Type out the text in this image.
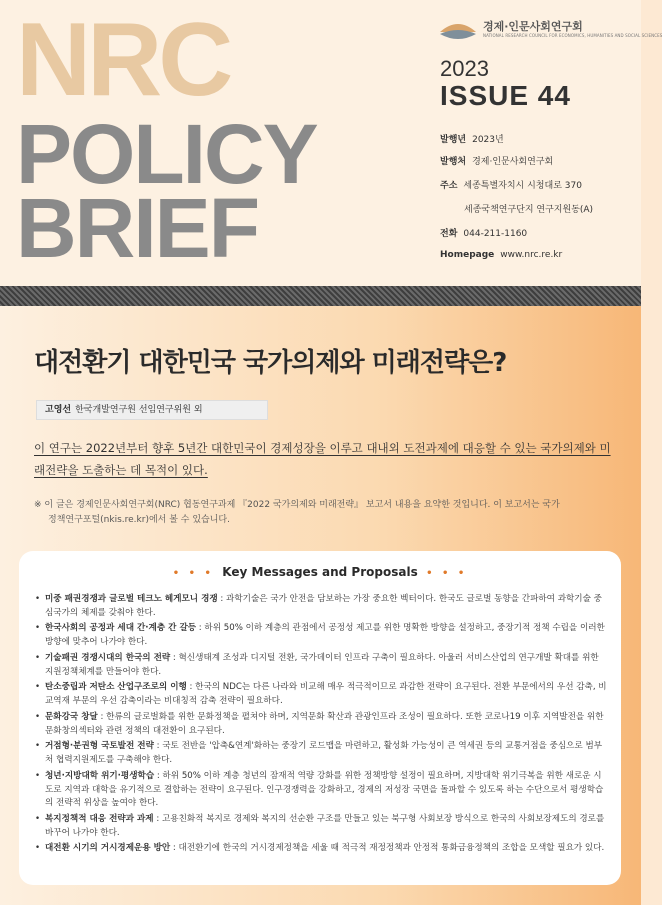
NRC
POLICY
BRIEF
경제·인문사회연구회
NATIONAL RESEARCH COUNCIL FOR ECONOMICS, HUMANITIES AND SOCIAL SCIENCES
2023
ISSUE 44
발행년 2023년
발행처 경제·인문사회연구회
주소 세종특별자치시 시청대로 370
세종국책연구단지 연구지원동(A)
전화 044-211-1160
Homepage www.nrc.re.kr
대전환기 대한민국 국가의제와 미래전략은?
고영선 한국개발연구원 선임연구위원 외

이 연구는 2022년부터 향후 5년간 대한민국이 경제성장을 이루고 대내외 도전과제에 대응할 수 있는 국가의제와 미래전략을 도출하는 데 목적이 있다.

※ 이 글은 경제인문사회연구회(NRC) 협동연구과제 『2022 국가의제와 미래전략』 보고서 내용을 요약한 것입니다. 이 보고서는 국가
정책연구포털(nkis.re.kr)에서 볼 수 있습니다.

• • • Key Messages and Proposals • • •
• 미중 패권경쟁과 글로벌 테크노 헤게모니 경쟁 : 과학기술은 국가 안전을 담보하는 가장 중요한 벡터이다. 한국도 글로벌 동향을 간파하여 과학기술 중심국가의 체제를 갖춰야 한다.
• 한국사회의 공정과 세대 간·계층 간 갈등 : 하위 50% 이하 계층의 관점에서 공정성 제고를 위한 명확한 방향을 설정하고, 중장기적 정책 수립을 이러한 방향에 맞추어 나가야 한다.
• 기술패권 경쟁시대의 한국의 전략 : 혁신생태계 조성과 디지털 전환, 국가데이터 인프라 구축이 필요하다. 아울러 서비스산업의 연구개발 확대를 위한 지원정책체계를 만들어야 한다.
• 탄소중립과 저탄소 산업구조로의 이행 : 한국의 NDC는 다른 나라와 비교해 매우 적극적이므로 과감한 전략이 요구된다. 전환 부문에서의 우선 감축, 비교역재 부문의 우선 감축이라는 비대칭적 감축 전략이 필요하다.
• 문화강국 창달 : 한류의 글로벌화를 위한 문화정책을 펼쳐야 하며, 지역문화 확산과 관광인프라 조성이 필요하다. 또한 코로나19 이후 지역발전을 위한 문화창의섹터와 관련 정책의 대전환이 요구된다.
• 거점형·분권형 국토발전 전략 : 국토 전반을 '압축&연계'화하는 중장기 로드맵을 마련하고, 활성화 가능성이 큰 역세권 등의 교통거점을 중심으로 범부처 협력지원제도를 구축해야 한다.
• 청년·지방대학 위기·평생학습 : 하위 50% 이하 계층 청년의 잠재적 역량 강화를 위한 정책방향 설정이 필요하며, 지방대학 위기극복을 위한 새로운 시도로 지역과 대학을 유기적으로 결합하는 전략이 요구된다. 인구경쟁력을 강화하고, 경제의 저성장 국면을 돌파할 수 있도록 하는 수단으로서 평생학습의 전략적 위상을 높여야 한다.
• 복지정책적 대응 전략과 과제 : 고용친화적 복지로 경제와 복지의 선순환 구조를 만들고 있는 북구형 사회보장 방식으로 한국의 사회보장제도의 경로를 바꾸어 나가야 한다.
• 대전환 시기의 거시경제운용 방안 : 대전환기에 한국의 거시경제정책을 세울 때 적극적 재정정책과 안정적 통화금융정책의 조합을 모색할 필요가 있다.
